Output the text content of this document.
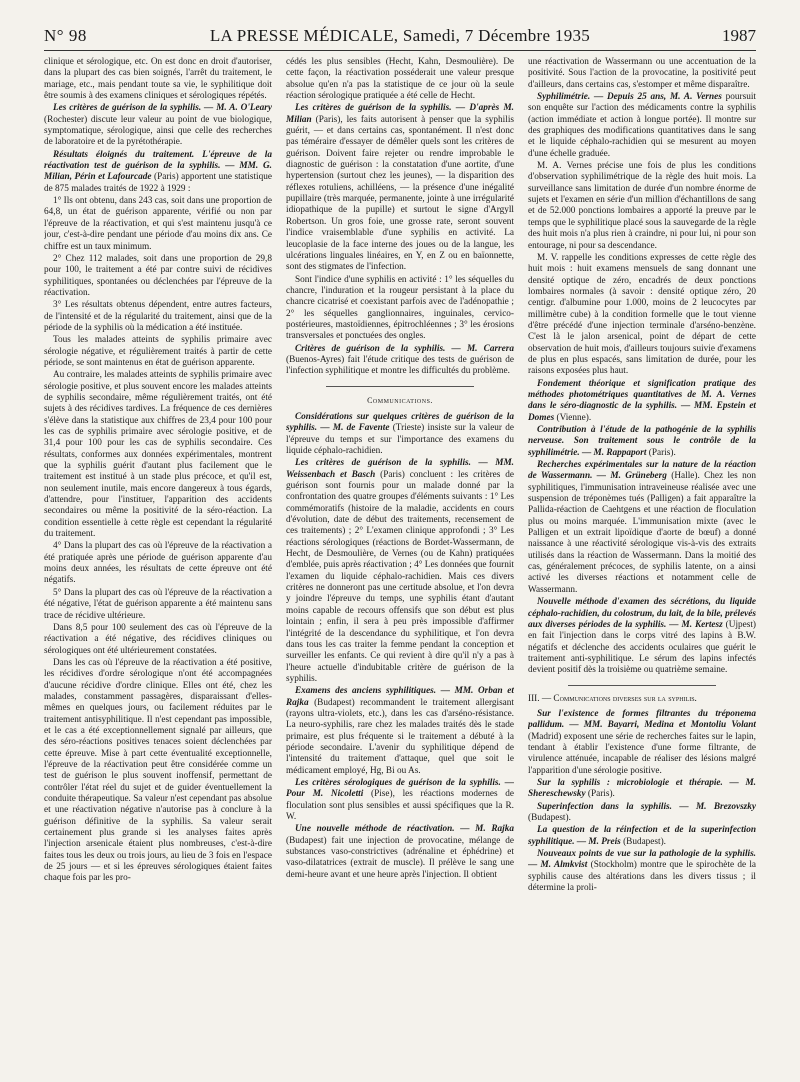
N° 98	LA PRESSE MÉDICALE, Samedi, 7 Décembre 1935	1987

clinique et sérologique, etc. On est donc en droit d'autoriser, dans la plupart des cas bien soignés, l'arrêt du traitement, le mariage, etc., mais pendant toute sa vie, le syphilitique doit être soumis à des examens cliniques et sérologiques répétés.

Les critères de guérison de la syphilis. — M. A. O'Leary (Rochester) discute leur valeur au point de vue biologique, symptomatique, sérologique, ainsi que celle des recherches de laboratoire et de la pyrétothérapie.

Résultats éloignés du traitement. L'épreuve de la réactivation test de guérison de la syphilis. — MM. G. Milian, Périn et Lafourcade (Paris) apportent une statistique de 875 malades traités de 1922 à 1929 :

1° Ils ont obtenu, dans 243 cas, soit dans une proportion de 64,8, un état de guérison apparente, vérifié ou non par l'épreuve de la réactivation, et qui s'est maintenu jusqu'à ce jour, c'est-à-dire pendant une période d'au moins dix ans. Ce chiffre est un taux minimum.

2° Chez 112 malades, soit dans une proportion de 29,8 pour 100, le traitement a été par contre suivi de récidives syphilitiques, spontanées ou déclenchées par l'épreuve de la réactivation.

3° Les résultats obtenus dépendent, entre autres facteurs, de l'intensité et de la régularité du traitement, ainsi que de la période de la syphilis où la médication a été instituée.

Tous les malades atteints de syphilis primaire avec sérologie négative, et régulièrement traités à partir de cette période, se sont maintenus en état de guérison apparente.

Au contraire, les malades atteints de syphilis primaire avec sérologie positive, et plus souvent encore les malades atteints de syphilis secondaire, même régulièrement traités, ont été sujets à des récidives tardives. La fréquence de ces dernières s'élève dans la statistique aux chiffres de 23,4 pour 100 pour les cas de syphilis primaire avec sérologie positive, et de 31,4 pour 100 pour les cas de syphilis secondaire. Ces résultats, conformes aux données expérimentales, montrent que la syphilis guérit d'autant plus facilement que le traitement est institué à un stade plus précoce, et qu'il est, non seulement inutile, mais encore dangereux à tous égards, d'attendre, pour l'instituer, l'apparition des accidents secondaires ou même la positivité de la séro-réaction. La condition essentielle à cette règle est cependant la régularité du traitement.

4° Dans la plupart des cas où l'épreuve de la réactivation a été pratiquée après une période de guérison apparente d'au moins deux années, les résultats de cette épreuve ont été négatifs.

5° Dans la plupart des cas où l'épreuve de la réactivation a été négative, l'état de guérison apparente a été maintenu sans trace de récidive ultérieure.

Dans 8,5 pour 100 seulement des cas où l'épreuve de la réactivation a été négative, des récidives cliniques ou sérologiques ont été ultérieurement constatées.

Dans les cas où l'épreuve de la réactivation a été positive, les récidives d'ordre sérologique n'ont été accompagnées d'aucune récidive d'ordre clinique. Elles ont été, chez les malades, constamment passagères, disparaissant d'elles-mêmes en quelques jours, ou facilement réduites par le traitement antisyphilitique. Il n'est cependant pas impossible, et le cas a été exceptionnellement signalé par ailleurs, que des séro-réactions positives tenaces soient déclenchées par cette épreuve. Mise à part cette éventualité exceptionnelle, l'épreuve de la réactivation peut être considérée comme un test de guérison le plus souvent inoffensif, permettant de contrôler l'état réel du sujet et de guider éventuellement la conduite thérapeutique. Sa valeur n'est cependant pas absolue et une réactivation négative n'autorise pas à conclure à la guérison définitive de la syphilis. Sa valeur serait certainement plus grande si les analyses faites après l'injection arsenicale étaient plus nombreuses, c'est-à-dire faites tous les deux ou trois jours, au lieu de 3 fois en l'espace de 25 jours — et si les épreuves sérologiques étaient faites chaque fois par les pro-

cédés les plus sensibles (Hecht, Kahn, Desmoulière). De cette façon, la réactivation posséderait une valeur presque absolue qu'en n'a pas la statistique de ce jour où la seule réaction sérologique pratiquée a été celle de Hecht.

Les critères de guérison de la syphilis. — D'après M. Milian (Paris), les faits autorisent à penser que la syphilis guérit, — et dans certains cas, spontanément. Il n'est donc pas téméraire d'essayer de démêler quels sont les critères de guérison. Doivent faire rejeter ou rendre improbable le diagnostic de guérison : la constatation d'une aortite, d'une hypertension (surtout chez les jeunes), — la disparition des réflexes rotuliens, achilléens, — la présence d'une inégalité pupillaire (très marquée, permanente, jointe à une irrégularité idiopathique de la pupille) et surtout le signe d'Argyll Robertson. Un gros foie, une grosse rate, seront souvent l'indice vraisemblable d'une syphilis en activité. La leucoplasie de la face interne des joues ou de la langue, les ulcérations linguales linéaires, en Y, en Z ou en baïonnette, sont des stigmates de l'infection.

Sont l'indice d'une syphilis en activité : 1° les séquelles du chancre, l'induration et la rougeur persistant à la place du chancre cicatrisé et coexistant parfois avec de l'adénopathie ; 2° les séquelles ganglionnaires, inguinales, cervico-postérieures, mastoïdiennes, épitrochléennes ; 3° les érosions transversales et ponctuées des ongles.

Critères de guérison de la syphilis. — M. Carrera (Buenos-Ayres) fait l'étude critique des tests de guérison de l'infection syphilitique et montre les difficultés du problème.

Communications.

Considérations sur quelques critères de guérison de la syphilis. — M. de Favente (Trieste) insiste sur la valeur de l'épreuve du temps et sur l'importance des examens du liquide céphalo-rachidien.

Les critères de guérison de la syphilis. — MM. Weissenbach et Basch (Paris) concluent : les critères de guérison sont fournis pour un malade donné par la confrontation des quatre groupes d'éléments suivants : 1° Les commémoratifs (histoire de la maladie, accidents en cours d'évolution, date de début des traitements, recensement de ces traitements) ; 2° L'examen clinique approfondi ; 3° Les réactions sérologiques (réactions de Bordet-Wassermann, de Hecht, de Desmoulière, de Vernes (ou de Kahn) pratiquées d'emblée, puis après réactivation ; 4° Les données que fournit l'examen du liquide céphalo-rachidien. Mais ces divers critères ne donneront pas une certitude absolue, et l'on devra y joindre l'épreuve du temps, une syphilis étant d'autant moins capable de recours offensifs que son début est plus lointain ; enfin, il sera à peu près impossible d'affirmer l'intégrité de la descendance du syphilitique, et l'on devra dans tous les cas traiter la femme pendant la conception et surveiller les enfants. Ce qui revient à dire qu'il n'y a pas à l'heure actuelle d'indubitable critère de guérison de la syphilis.

Examens des anciens syphilitiques. — MM. Orban et Rajka (Budapest) recommandent le traitement allergisant (rayons ultra-violets, etc.), dans les cas d'arséno-résistance. La neuro-syphilis, rare chez les malades traités dès le stade primaire, est plus fréquente si le traitement a débuté à la période secondaire. L'avenir du syphilitique dépend de l'intensité du traitement d'attaque, quel que soit le médicament employé, Hg, Bi ou As.

Les critères sérologiques de guérison de la syphilis. — Pour M. Nicoletti (Pise), les réactions modernes de floculation sont plus sensibles et aussi spécifiques que la R. W.

Une nouvelle méthode de réactivation. — M. Rajka (Budapest) fait une injection de provocatine, mélange de substances vaso-constrictives (adrénaline et éphédrine) et vaso-dilatatrices (extrait de muscle). Il prélève le sang une demi-heure avant et une heure après l'injection. Il obtient

une réactivation de Wassermann ou une accentuation de la positivité. Sous l'action de la provocatine, la positivité peut d'ailleurs, dans certains cas, s'estomper et même disparaître.

Syphilimétrie. — Depuis 25 ans, M. A. Vernes poursuit son enquête sur l'action des médicaments contre la syphilis (action immédiate et action à longue portée). Il montre sur des graphiques des modifications quantitatives dans le sang et le liquide céphalo-rachidien qui se mesurent au moyen d'une échelle graduée.

M. A. Vernes précise une fois de plus les conditions d'observation syphilimétrique de la règle des huit mois. La surveillance sans limitation de durée d'un nombre énorme de sujets et l'examen en série d'un million d'échantillons de sang et de 52.000 ponctions lombaires a apporté la preuve par le temps que le syphilitique placé sous la sauvegarde de la règle des huit mois n'a plus rien à craindre, ni pour lui, ni pour son entourage, ni pour sa descendance.

M. V. rappelle les conditions expresses de cette règle des huit mois : huit examens mensuels de sang donnant une densité optique de zéro, encadrés de deux ponctions lombaires normales (à savoir : densité optique zéro, 20 centigr. d'albumine pour 1.000, moins de 2 leucocytes par millimètre cube) à la condition formelle que le tout vienne d'être précédé d'une injection terminale d'arséno-benzène. C'est là le jalon arsenical, point de départ de cette observation de huit mois, d'ailleurs toujours suivie d'examens de plus en plus espacés, sans limitation de durée, pour les raisons exposées plus haut.

Fondement théorique et signification pratique des méthodes photométriques quantitatives de M. A. Vernes dans le séro-diagnostic de la syphilis. — MM. Epstein et Domes (Vienne).

Contribution à l'étude de la pathogénie de la syphilis nerveuse. Son traitement sous le contrôle de la syphilimétrie. — M. Rappaport (Paris).

Recherches expérimentales sur la nature de la réaction de Wassermann. — M. Grüneberg (Halle). Chez les non syphilitiques, l'immunisation intraveineuse réalisée avec une suspension de tréponèmes tués (Palligen) a fait apparaître la Pallida-réaction de Caehtgens et une réaction de floculation plus ou moins marquée. L'immunisation mixte (avec le Palligen et un extrait lipoïdique d'aorte de bœuf) a donné naissance à une réactivité sérologique vis-à-vis des extraits utilisés dans la réaction de Wassermann. Dans la moitié des cas, généralement précoces, de syphilis latente, on a ainsi activé les diverses réactions et notamment celle de Wassermann.

Nouvelle méthode d'examen des sécrétions, du liquide céphalo-rachidien, du colostrum, du lait, de la bile, prélevés aux diverses périodes de la syphilis. — M. Kertesz (Ujpest) en fait l'injection dans le corps vitré des lapins à B.W. négatifs et déclenche des accidents oculaires que guérit le traitement anti-syphilitique. Le sérum des lapins infectés devient positif dès la troisième ou quatrième semaine.

III. — Communications diverses sur la syphilis.

Sur l'existence de formes filtrantes du tréponema pallidum. — MM. Bayarri, Medina et Montoliu Volant (Madrid) exposent une série de recherches faites sur le lapin, tendant à établir l'existence d'une forme filtrante, de virulence atténuée, incapable de réaliser des lésions malgré l'apparition d'une sérologie positive.

Sur la syphilis : microbiologie et thérapie. — M. Shereschewsky (Paris).

Superinfection dans la syphilis. — M. Brezovszky (Budapest).

La question de la réinfection et de la superinfection syphilitique. — M. Preis (Budapest).

Nouveaux points de vue sur la pathologie de la syphilis. — M. Almkvist (Stockholm) montre que le spirochète de la syphilis cause des altérations dans les divers tissus ; il détermine la proli-
